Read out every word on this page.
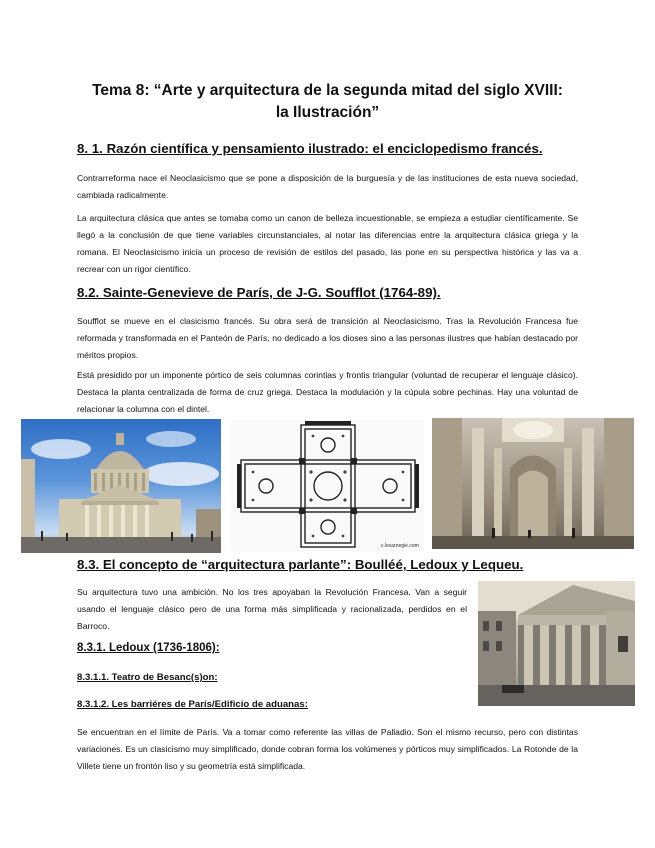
Tema 8: “Arte y arquitectura de la segunda mitad del siglo XVIII:
la Ilustración”
8. 1. Razón científica y pensamiento ilustrado: el enciclopedismo francés.

Contrarreforma nace el Neoclasicismo que se pone a disposición de la burguesía y de las instituciones de esta nueva sociedad, cambiada radicalmente.

La arquitectura clásica que antes se tomaba como un canon de belleza incuestionable, se empieza a estudiar científicamente. Se llegó a la conclusión de que tiene variables circunstanciales, al notar las diferencias entre la arquitectura clásica griega y la romana. El Neoclasicismo inicia un proceso de revisión de estilos del pasado, las pone en su perspectiva histórica y las va a recrear con un rigor científico.

8.2. Sainte-Genevieve de París, de J-G. Soufflot (1764-89).

Soufflot se mueve en el clasicismo francés. Su obra será de transición al Neoclasicismo. Tras la Revolución Francesa fue reformada y transformada en el Panteón de París, no dedicado a los dioses sino a las personas ilustres que habían destacado por méritos propios.

Está presidido por un imponente pórtico de seis columnas corintias y frontis triangular (voluntad de recuperar el lenguaje clásico). Destaca la planta centralizada de forma de cruz griega. Destaca la modulación y la cúpula sobre pechinas. Hay una voluntad de relacionar la columna con el dintel.

c.lecarnegie.com
8.3. El concepto de “arquitectura parlante”: Boulléé, Ledoux y Lequeu.

Su arquitectura tuvo una ambición. No los tres apoyaban la Revolución Francesa. Van a seguir usando el lenguaje clásico pero de una forma más simplificada y racionalizada, perdidos en el Barroco.

8.3.1. Ledoux (1736-1806):
8.3.1.1. Teatro de Besanc(s)on:
8.3.1.2. Les barriéres de París/Edificio de aduanas:

Se encuentran en el límite de París. Va a tomar como referente las villas de Palladio. Son el mismo recurso, pero con distintas variaciones. Es un clasicismo muy simplificado, donde cobran forma los volúmenes y pórticos muy simplificados. La Rotonde de la Villete tiene un frontón liso y su geometría está simplificada.
